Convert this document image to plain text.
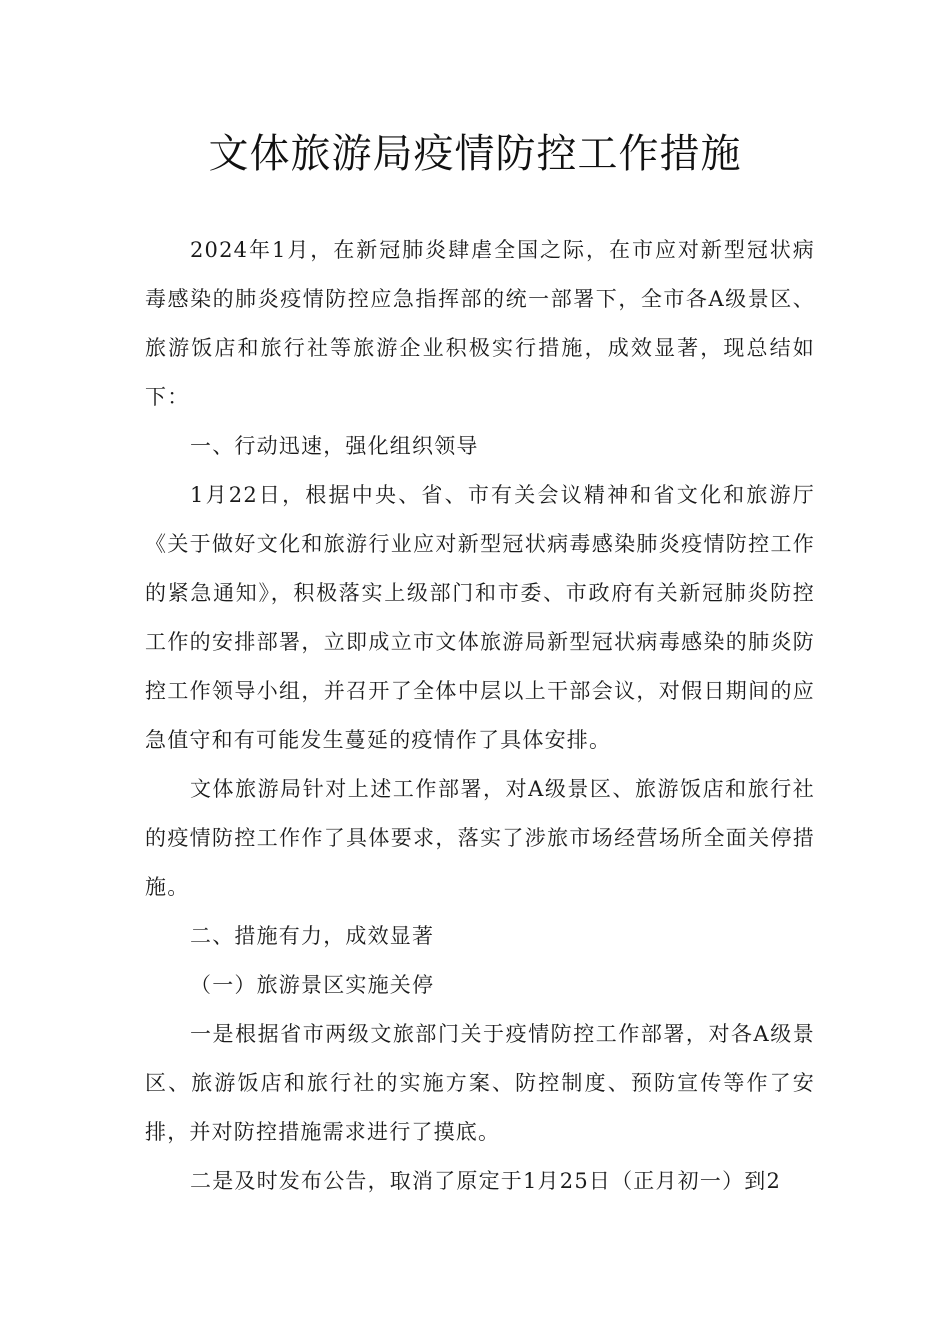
文体旅游局疫情防控工作措施

2024年1月，在新冠肺炎肆虐全国之际，在市应对新型冠状病毒感染的肺炎疫情防控应急指挥部的统一部署下，全市各A级景区、旅游饭店和旅行社等旅游企业积极实行措施，成效显著，现总结如下：

一、行动迅速，强化组织领导

1月22日，根据中央、省、市有关会议精神和省文化和旅游厅《关于做好文化和旅游行业应对新型冠状病毒感染肺炎疫情防控工作的紧急通知》，积极落实上级部门和市委、市政府有关新冠肺炎防控工作的安排部署，立即成立市文体旅游局新型冠状病毒感染的肺炎防控工作领导小组，并召开了全体中层以上干部会议，对假日期间的应急值守和有可能发生蔓延的疫情作了具体安排。

文体旅游局针对上述工作部署，对A级景区、旅游饭店和旅行社的疫情防控工作作了具体要求，落实了涉旅市场经营场所全面关停措施。

二、措施有力，成效显著

（一）旅游景区实施关停

一是根据省市两级文旅部门关于疫情防控工作部署，对各A级景区、旅游饭店和旅行社的实施方案、防控制度、预防宣传等作了安排，并对防控措施需求进行了摸底。

二是及时发布公告，取消了原定于1月25日（正月初一）到2
